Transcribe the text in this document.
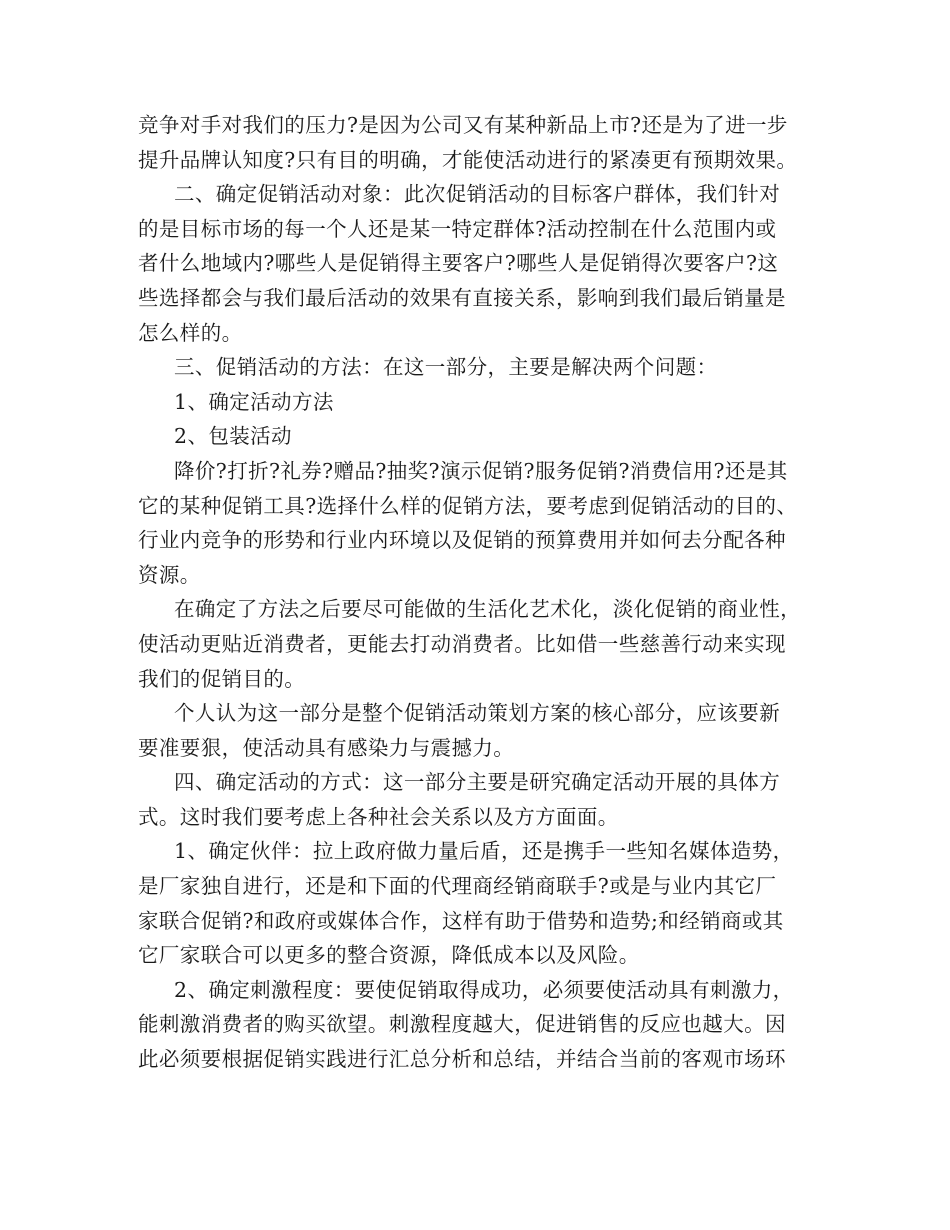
竞争对手对我们的压力?是因为公司又有某种新品上市?还是为了进一步
提升品牌认知度?只有目的明确，才能使活动进行的紧凑更有预期效果。
二、确定促销活动对象：此次促销活动的目标客户群体，我们针对
的是目标市场的每一个人还是某一特定群体?活动控制在什么范围内或
者什么地域内?哪些人是促销得主要客户?哪些人是促销得次要客户?这
些选择都会与我们最后活动的效果有直接关系，影响到我们最后销量是
怎么样的。
三、促销活动的方法：在这一部分，主要是解决两个问题：
1、确定活动方法
2、包装活动
降价?打折?礼券?赠品?抽奖?演示促销?服务促销?消费信用?还是其
它的某种促销工具?选择什么样的促销方法，要考虑到促销活动的目的、
行业内竞争的形势和行业内环境以及促销的预算费用并如何去分配各种
资源。
在确定了方法之后要尽可能做的生活化艺术化，淡化促销的商业性，
使活动更贴近消费者，更能去打动消费者。比如借一些慈善行动来实现
我们的促销目的。
个人认为这一部分是整个促销活动策划方案的核心部分，应该要新
要准要狠，使活动具有感染力与震撼力。
四、确定活动的方式：这一部分主要是研究确定活动开展的具体方
式。这时我们要考虑上各种社会关系以及方方面面。
1、确定伙伴：拉上政府做力量后盾，还是携手一些知名媒体造势，
是厂家独自进行，还是和下面的代理商经销商联手?或是与业内其它厂
家联合促销?和政府或媒体合作，这样有助于借势和造势;和经销商或其
它厂家联合可以更多的整合资源，降低成本以及风险。
2、确定刺激程度：要使促销取得成功，必须要使活动具有刺激力，
能刺激消费者的购买欲望。刺激程度越大，促进销售的反应也越大。因
此必须要根据促销实践进行汇总分析和总结，并结合当前的客观市场环
